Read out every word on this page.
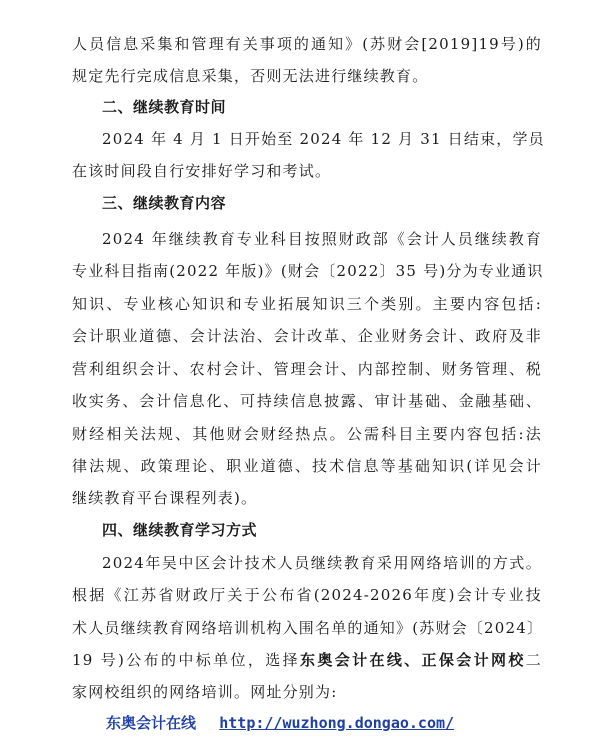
人员信息采集和管理有关事项的通知》(苏财会[2019]19号)的
规定先行完成信息采集，否则无法进行继续教育。
二、继续教育时间
2024 年 4 月 1 日开始至 2024 年 12 月 31 日结束，学员
在该时间段自行安排好学习和考试。
三、继续教育内容
2024 年继续教育专业科目按照财政部《会计人员继续教育
专业科目指南(2022 年版)》(财会〔2022〕35 号)分为专业通识
知识、专业核心知识和专业拓展知识三个类别。主要内容包括:
会计职业道德、会计法治、会计改革、企业财务会计、政府及非
营利组织会计、农村会计、管理会计、内部控制、财务管理、税
收实务、会计信息化、可持续信息披露、审计基础、金融基础、
财经相关法规、其他财会财经热点。公需科目主要内容包括:法
律法规、政策理论、职业道德、技术信息等基础知识(详见会计
继续教育平台课程列表)。
四、继续教育学习方式
2024年吴中区会计技术人员继续教育采用网络培训的方式。
根据《江苏省财政厅关于公布省(2024-2026年度)会计专业技
术人员继续教育网络培训机构入围名单的通知》(苏财会〔2024〕
19 号)公布的中标单位，选择东奥会计在线、正保会计网校二
家网校组织的网络培训。网址分别为:
东奥会计在线 http://wuzhong.dongao.com/
